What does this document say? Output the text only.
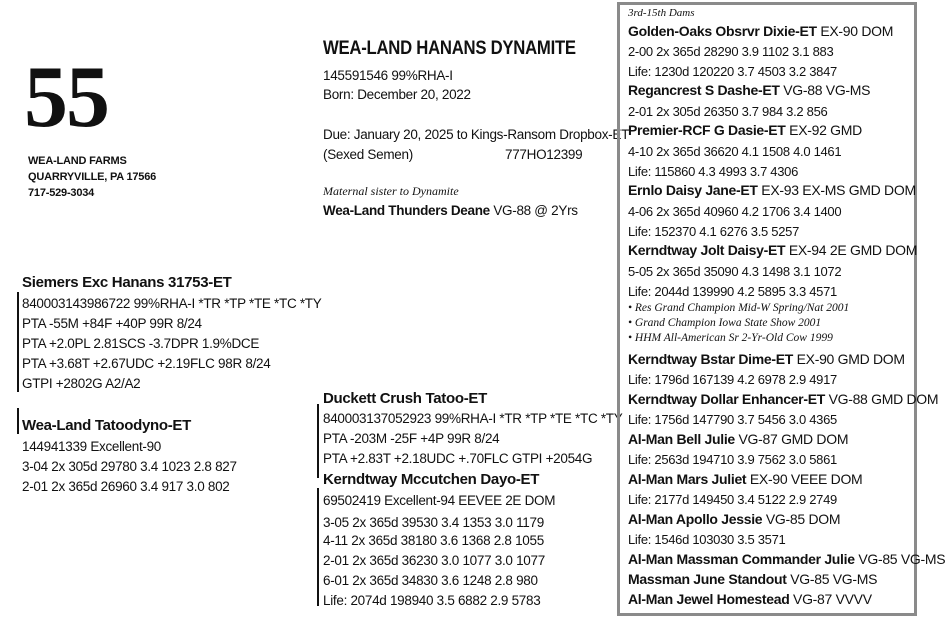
55
WEA-LAND FARMS
QUARRYVILLE, PA 17566
717-529-3034
WEA-LAND HANANS DYNAMITE
145591546 99%RHA-I
Born: December 20, 2022
Due: January 20, 2025 to Kings-Ransom Dropbox-ET
(Sexed Semen)	777HO12399
Maternal sister to Dynamite
Wea-Land Thunders Deane VG-88 @ 2Yrs
Siemers Exc Hanans 31753-ET
840003143986722 99%RHA-I *TR *TP *TE *TC *TY
PTA -55M +84F +40P 99R 8/24
PTA +2.0PL 2.81SCS -3.7DPR 1.9%DCE
PTA +3.68T +2.67UDC +2.19FLC 98R 8/24
GTPI +2802G A2/A2
Wea-Land Tatoodyno-ET
144941339 Excellent-90
3-04 2x 305d 29780 3.4 1023 2.8 827
2-01 2x 365d 26960 3.4 917 3.0 802
Duckett Crush Tatoo-ET
840003137052923 99%RHA-I *TR *TP *TE *TC *TY
PTA -203M -25F +4P 99R 8/24
PTA +2.83T +2.18UDC +.70FLC GTPI +2054G
Kerndtway Mccutchen Dayo-ET
69502419 Excellent-94 EEVEE 2E DOM
3-05 2x 365d 39530 3.4 1353 3.0 1179
4-11 2x 365d 38180 3.6 1368 2.8 1055
2-01 2x 365d 36230 3.0 1077 3.0 1077
6-01 2x 365d 34830 3.6 1248 2.8 980
Life: 2074d 198940 3.5 6882 2.9 5783
3rd-15th Dams
Golden-Oaks Obsrvr Dixie-ET EX-90 DOM
2-00 2x 365d 28290 3.9 1102 3.1 883
Life: 1230d 120220 3.7 4503 3.2 3847
Regancrest S Dashe-ET VG-88 VG-MS
2-01 2x 305d 26350 3.7 984 3.2 856
Premier-RCF G Dasie-ET EX-92 GMD
4-10 2x 365d 36620 4.1 1508 4.0 1461
Life: 115860 4.3 4993 3.7 4306
Ernlo Daisy Jane-ET EX-93 EX-MS GMD DOM
4-06 2x 365d 40960 4.2 1706 3.4 1400
Life: 152370 4.1 6276 3.5 5257
Kerndtway Jolt Daisy-ET EX-94 2E GMD DOM
5-05 2x 365d 35090 4.3 1498 3.1 1072
Life: 2044d 139990 4.2 5895 3.3 4571
• Res Grand Champion Mid-W Spring/Nat 2001
• Grand Champion Iowa State Show 2001
• HHM All-American Sr 2-Yr-Old Cow 1999
Kerndtway Bstar Dime-ET EX-90 GMD DOM
Life: 1796d 167139 4.2 6978 2.9 4917
Kerndtway Dollar Enhancer-ET VG-88 GMD DOM
Life: 1756d 147790 3.7 5456 3.0 4365
Al-Man Bell Julie VG-87 GMD DOM
Life: 2563d 194710 3.9 7562 3.0 5861
Al-Man Mars Juliet EX-90 VEEE DOM
Life: 2177d 149450 3.4 5122 2.9 2749
Al-Man Apollo Jessie VG-85 DOM
Life: 1546d 103030 3.5 3571
Al-Man Massman Commander Julie VG-85 VG-MS
Massman June Standout VG-85 VG-MS
Al-Man Jewel Homestead VG-87 VVVV
